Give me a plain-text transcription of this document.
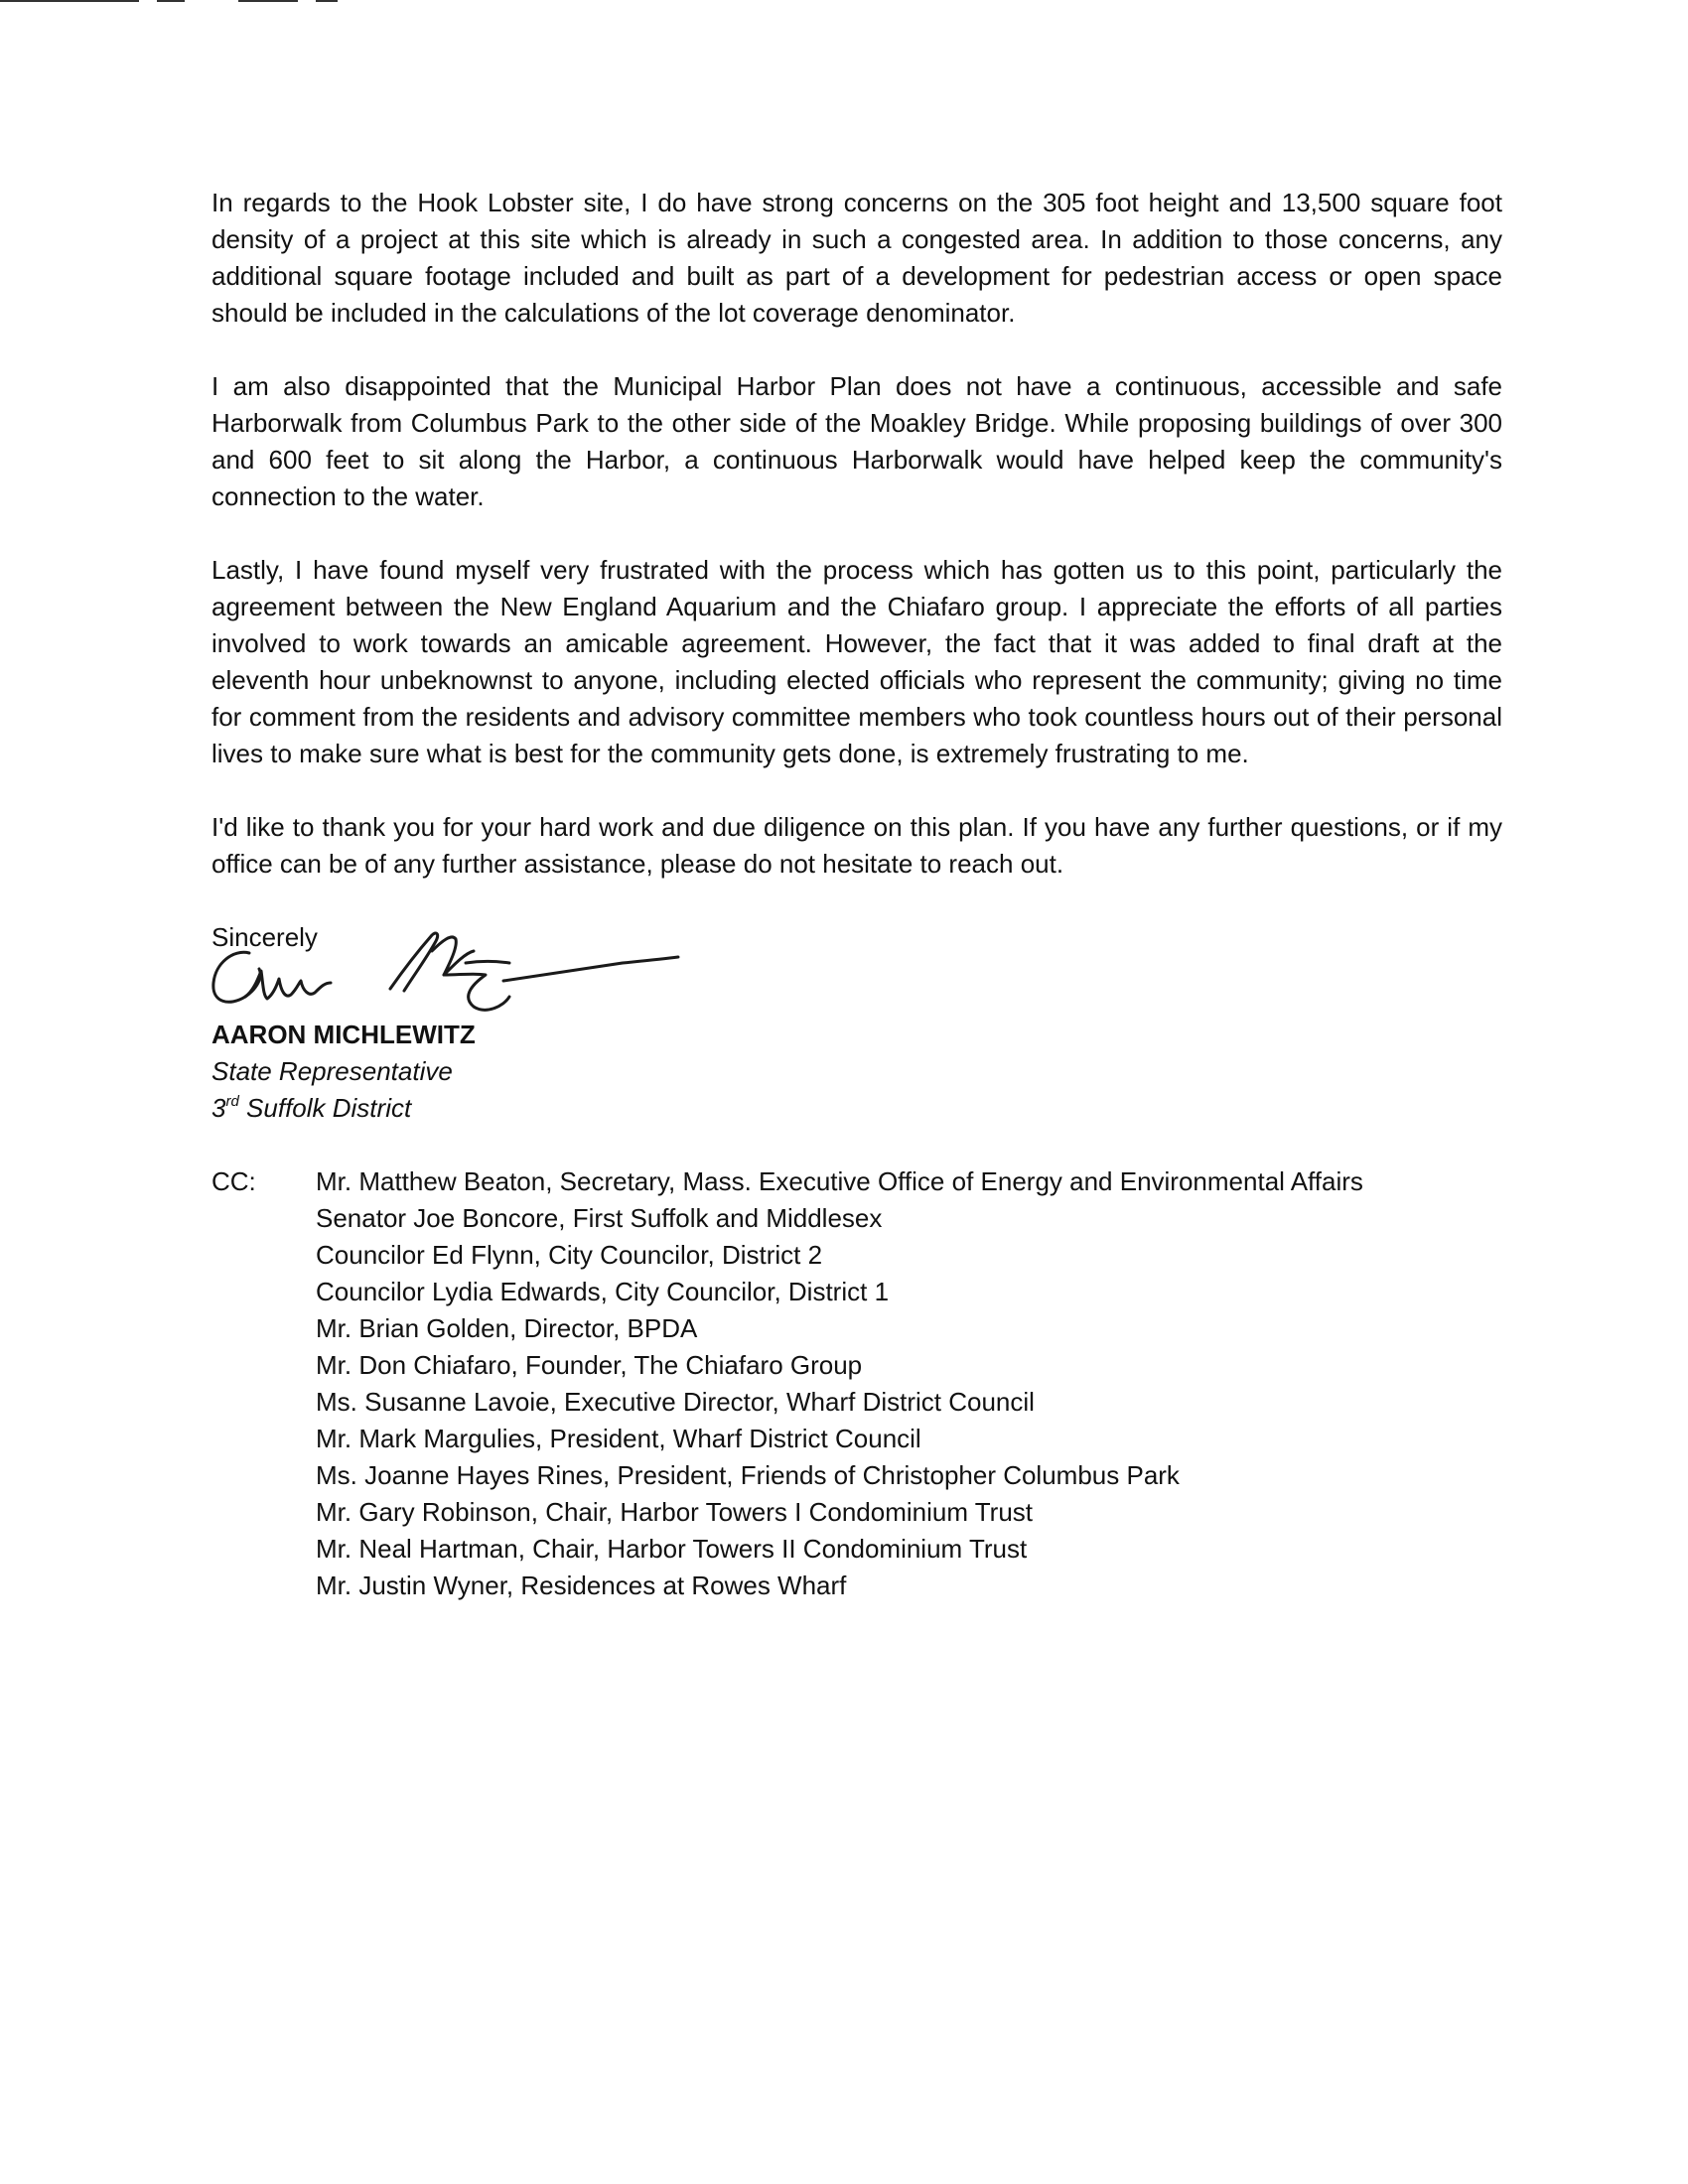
In regards to the Hook Lobster site, I do have strong concerns on the 305 foot height and 13,500 square foot density of a project at this site which is already in such a congested area. In addition to those concerns, any additional square footage included and built as part of a development for pedestrian access or open space should be included in the calculations of the lot coverage denominator.

I am also disappointed that the Municipal Harbor Plan does not have a continuous, accessible and safe Harborwalk from Columbus Park to the other side of the Moakley Bridge. While proposing buildings of over 300 and 600 feet to sit along the Harbor, a continuous Harborwalk would have helped keep the community's connection to the water.

Lastly, I have found myself very frustrated with the process which has gotten us to this point, particularly the agreement between the New England Aquarium and the Chiafaro group. I appreciate the efforts of all parties involved to work towards an amicable agreement. However, the fact that it was added to final draft at the eleventh hour unbeknownst to anyone, including elected officials who represent the community; giving no time for comment from the residents and advisory committee members who took countless hours out of their personal lives to make sure what is best for the community gets done, is extremely frustrating to me.

I'd like to thank you for your hard work and due diligence on this plan. If you have any further questions, or if my office can be of any further assistance, please do not hesitate to reach out.

Sincerely
AARON MICHLEWITZ
State Representative
3rd Suffolk District
CC:	Mr. Matthew Beaton, Secretary, Mass. Executive Office of Energy and Environmental Affairs
Senator Joe Boncore, First Suffolk and Middlesex
Councilor Ed Flynn, City Councilor, District 2
Councilor Lydia Edwards, City Councilor, District 1
Mr. Brian Golden, Director, BPDA
Mr. Don Chiafaro, Founder, The Chiafaro Group
Ms. Susanne Lavoie, Executive Director, Wharf District Council
Mr. Mark Margulies, President, Wharf District Council
Ms. Joanne Hayes Rines, President, Friends of Christopher Columbus Park
Mr. Gary Robinson, Chair, Harbor Towers I Condominium Trust
Mr. Neal Hartman, Chair, Harbor Towers II Condominium Trust
Mr. Justin Wyner, Residences at Rowes Wharf
